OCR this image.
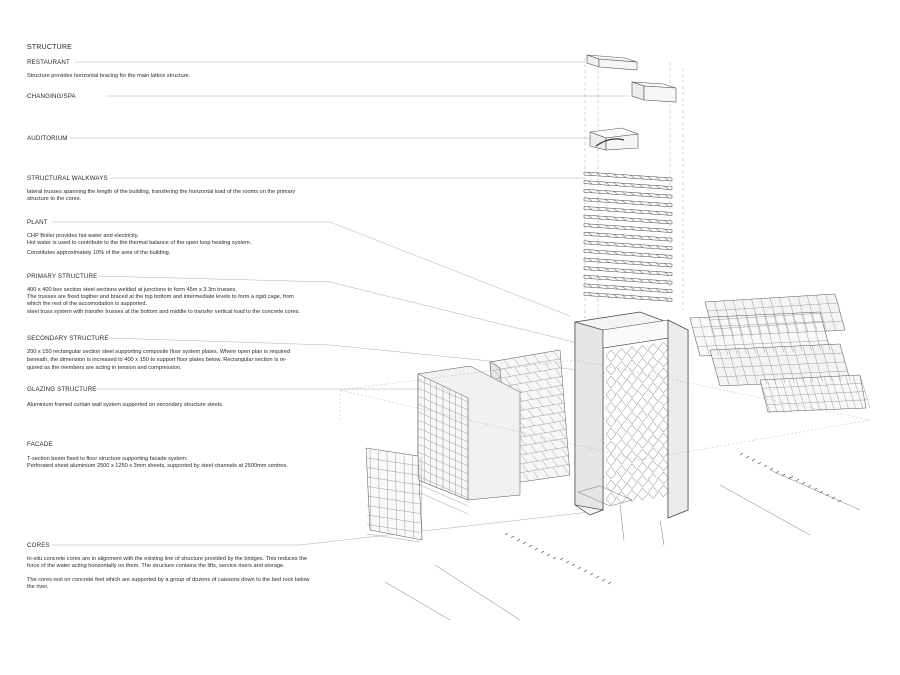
STRUCTURE
RESTAURANT
Structure provides horizontal bracing for the main lattice structure.
CHANGING/SPA
AUDITORIUM
STRUCTURAL WALKWAYS
lateral trusses spanning the length of the building, transfering the horizontal load of the rooms on the primary
structure to the cores.
PLANT
CHP Boiler provides hot water and electricity.
Hot water is used to contribute to the the thermal balance of the open loop heating system.
Constitutes approximately 10% of the area of the building.
PRIMARY STRUCTURE
400 x 400 box section steel sections welded at junctions to form 45m x 3.3m trusses.
The trusses are fixed togther and braced at the top bottom and intermediate levels to form a rigid cage, from
which the rest of the accomodation is supported.
steel truss system with transfer trusses at the bottom and middle to transfer vertical load to the concrete cores.
SECONDARY STRUCTURE
200 x 150 rectangular section steel supporting composite floor system plates. Where open plan is required
beneath, the dimension is increased to 400 x 150 to support floor plates below. Rectangular section is re-
quired as the members are acting in tension and compression.
GLAZING STRUCTURE
Aluminium framed curtain wall system supported on secondary structure steels.
FACADE
T-section beam fixed to floor structure supporting facade system:
Perforated sheet aluminium 2500 x 1250 x 3mm sheets, supported by steel channels at 2500mm centres.
CORES
In-situ concrete cores are in alignment with the existing line of structure provided by the bridges. This reduces the
force of the water acting horizontally on them. The structure contains the lifts, service risers and storage.
The cores rest on concrete feet which are supported by a group of dozens of caissons down to the bed rock below
the river.
